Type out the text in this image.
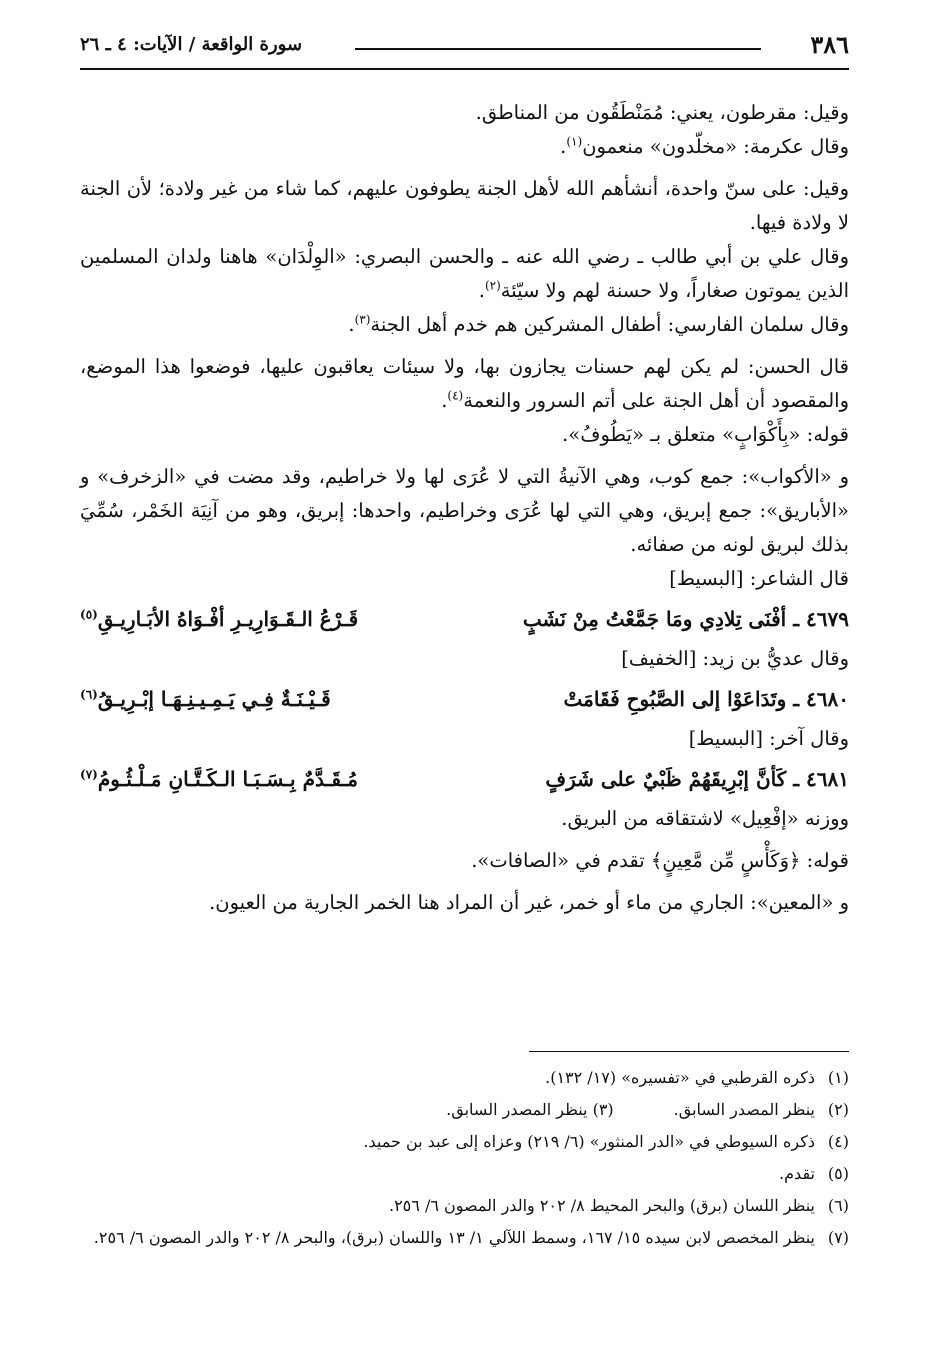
٣٨٦
سورة الواقعة / الآيات: ٤ ـ ٢٦

وقيل: مقرطون، يعني: مُمَنْطَقُون من المناطق.

وقال عكرمة: «مخلّدون» منعمون$^{(١)}$.

وقيل: على سنّ واحدة، أنشأهم الله لأهل الجنة يطوفون عليهم، كما شاء من غير ولادة؛ لأن الجنة لا ولادة فيها.

وقال علي بن أبي طالب ـ رضي الله عنه ـ والحسن البصري: «الوِلْدَان» هاهنا ولدان المسلمين الذين يموتون صغاراً، ولا حسنة لهم ولا سيّئة$^{(٢)}$.

وقال سلمان الفارسي: أطفال المشركين هم خدم أهل الجنة$^{(٣)}$.

قال الحسن: لم يكن لهم حسنات يجازون بها، ولا سيئات يعاقبون عليها، فوضعوا هذا الموضع، والمقصود أن أهل الجنة على أتم السرور والنعمة$^{(٤)}$.

قوله: «بِأَكْوَابٍ» متعلق بـ «يَطُوفُ».

و «الأكواب»: جمع كوب، وهي الآنيةُ التي لا عُرَى لها ولا خراطيم، وقد مضت في «الزخرف» و «الأباريق»: جمع إبريق، وهي التي لها عُرَى وخراطيم، واحدها: إبريق، وهو من آنِيَة الخَمْر، سُمِّيَ بذلك لبريق لونه من صفائه.

قال الشاعر: [البسيط]

٤٦٧٩ ـ أفْنَى تِلادِي ومَا جَمَّعْتُ مِنْ نَشَبٍ
قَـرْعُ الـقَـوَارِيـرِ أفْـوَاهُ الأبَـارِيـقِ$^{(٥)}$

وقال عديُّ بن زيد: [الخفيف]

٤٦٨٠ ـ وتَدَاعَوْا إلى الصَّبُوحِ فَقَامَتْ
قَـيْـنَـةٌ فِـي يَـمِـيـنِـهَـا إبْـرِيـقُ$^{(٦)}$

وقال آخر: [البسيط]

٤٦٨١ ـ كَأنَّ إبْرِيقَهُمْ ظَبْيٌ على شَرَفٍ
مُـقَـدَّمٌ بِـسَـبَـا الـكَـتَّـانِ مَـلْـثُـومُ$^{(٧)}$

ووزنه «إفْعِيل» لاشتقاقه من البريق.

قوله: ﴿وَكَأْسٍ مِّن مَّعِينٍ﴾ تقدم في «الصافات».

و «المعين»: الجاري من ماء أو خمر، غير أن المراد هنا الخمر الجارية من العيون.

(١)ذكره القرطبي في «تفسيره» (١٧/ ١٣٢).

(٢)ينظر المصدر السابق.(٣) ينظر المصدر السابق.

(٤)ذكره السيوطي في «الدر المنثور» (٦/ ٢١٩) وعزاه إلى عبد بن حميد.

(٥)تقدم.

(٦)ينظر اللسان (برق) والبحر المحيط ٨/ ٢٠٢ والدر المصون ٦/ ٢٥٦.

(٧)ينظر المخصص لابن سيده ١٥/ ١٦٧، وسمط اللآلي ١/ ١٣ واللسان (برق)، والبحر ٨/ ٢٠٢ والدر المصون ٦/ ٢٥٦.
